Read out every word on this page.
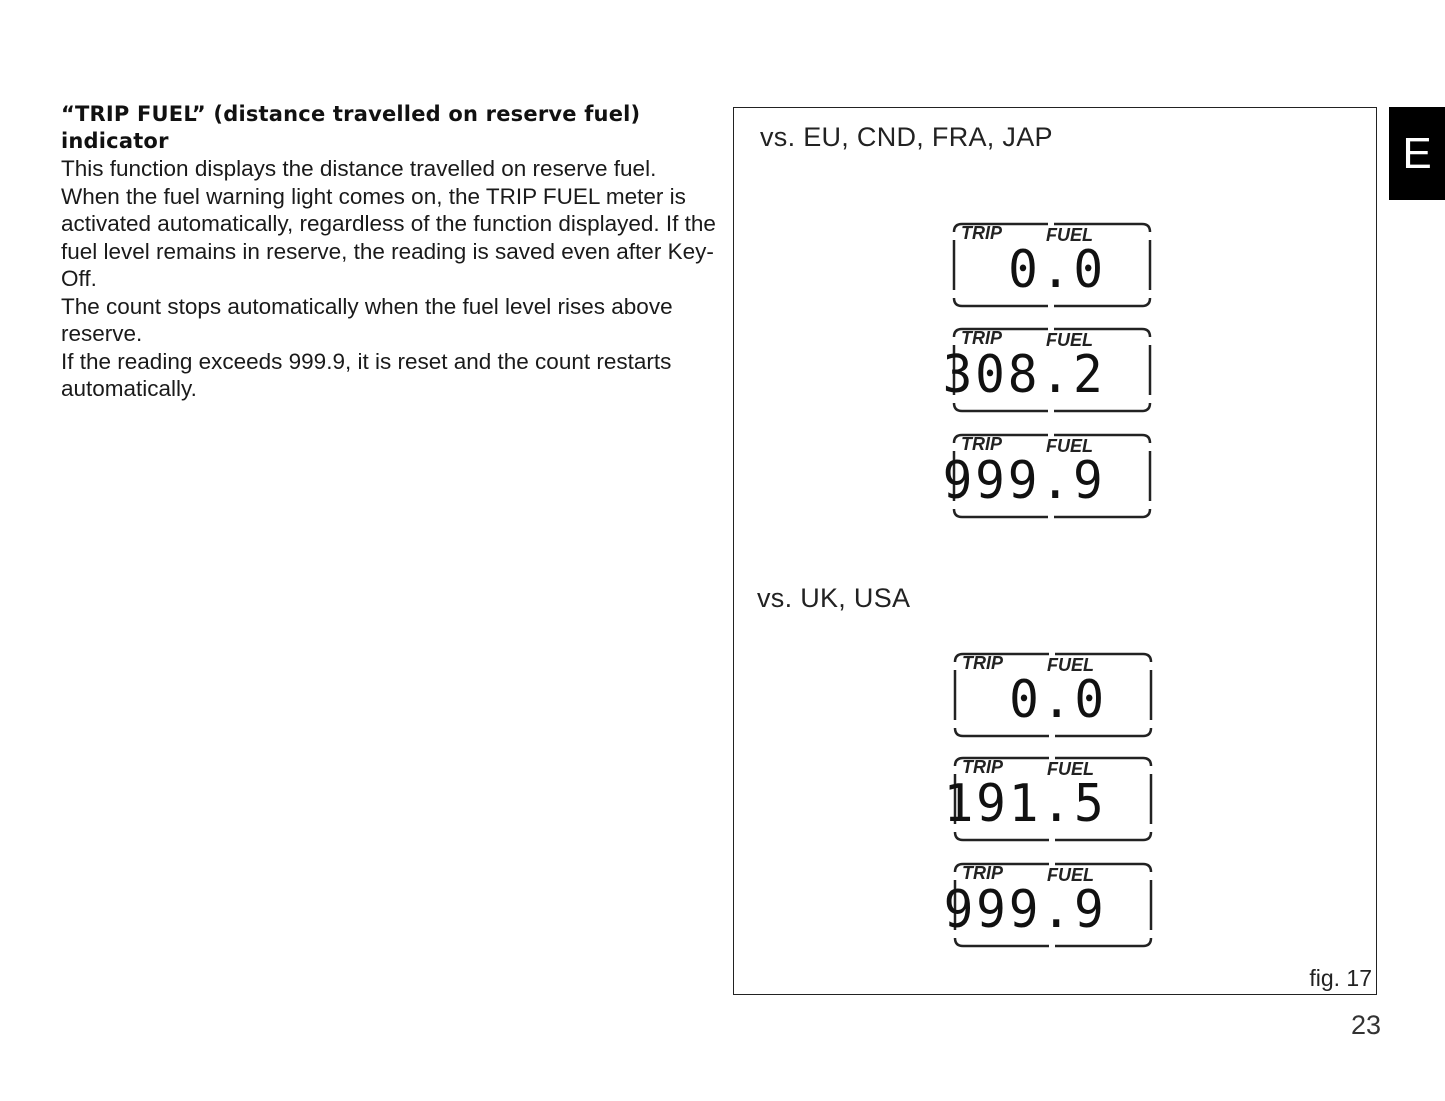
“TRIP FUEL” (distance travelled on reserve fuel)
indicator

This function displays the distance travelled on reserve fuel. When the fuel warning light comes on, the TRIP FUEL meter is activated automatically, regardless of the function displayed. If the fuel level remains in reserve, the reading is saved even after Key-Off.
The count stops automatically when the fuel level rises above reserve.
If the reading exceeds 999.9, it is reset and the count restarts automatically.

vs. EU, CND, FRA, JAP
TRIP FUEL
0.0
TRIP FUEL
308.2
TRIP FUEL
999.9
vs. UK, USA
TRIP FUEL
0.0
TRIP FUEL
191.5
TRIP FUEL
999.9
fig. 17
23
E
